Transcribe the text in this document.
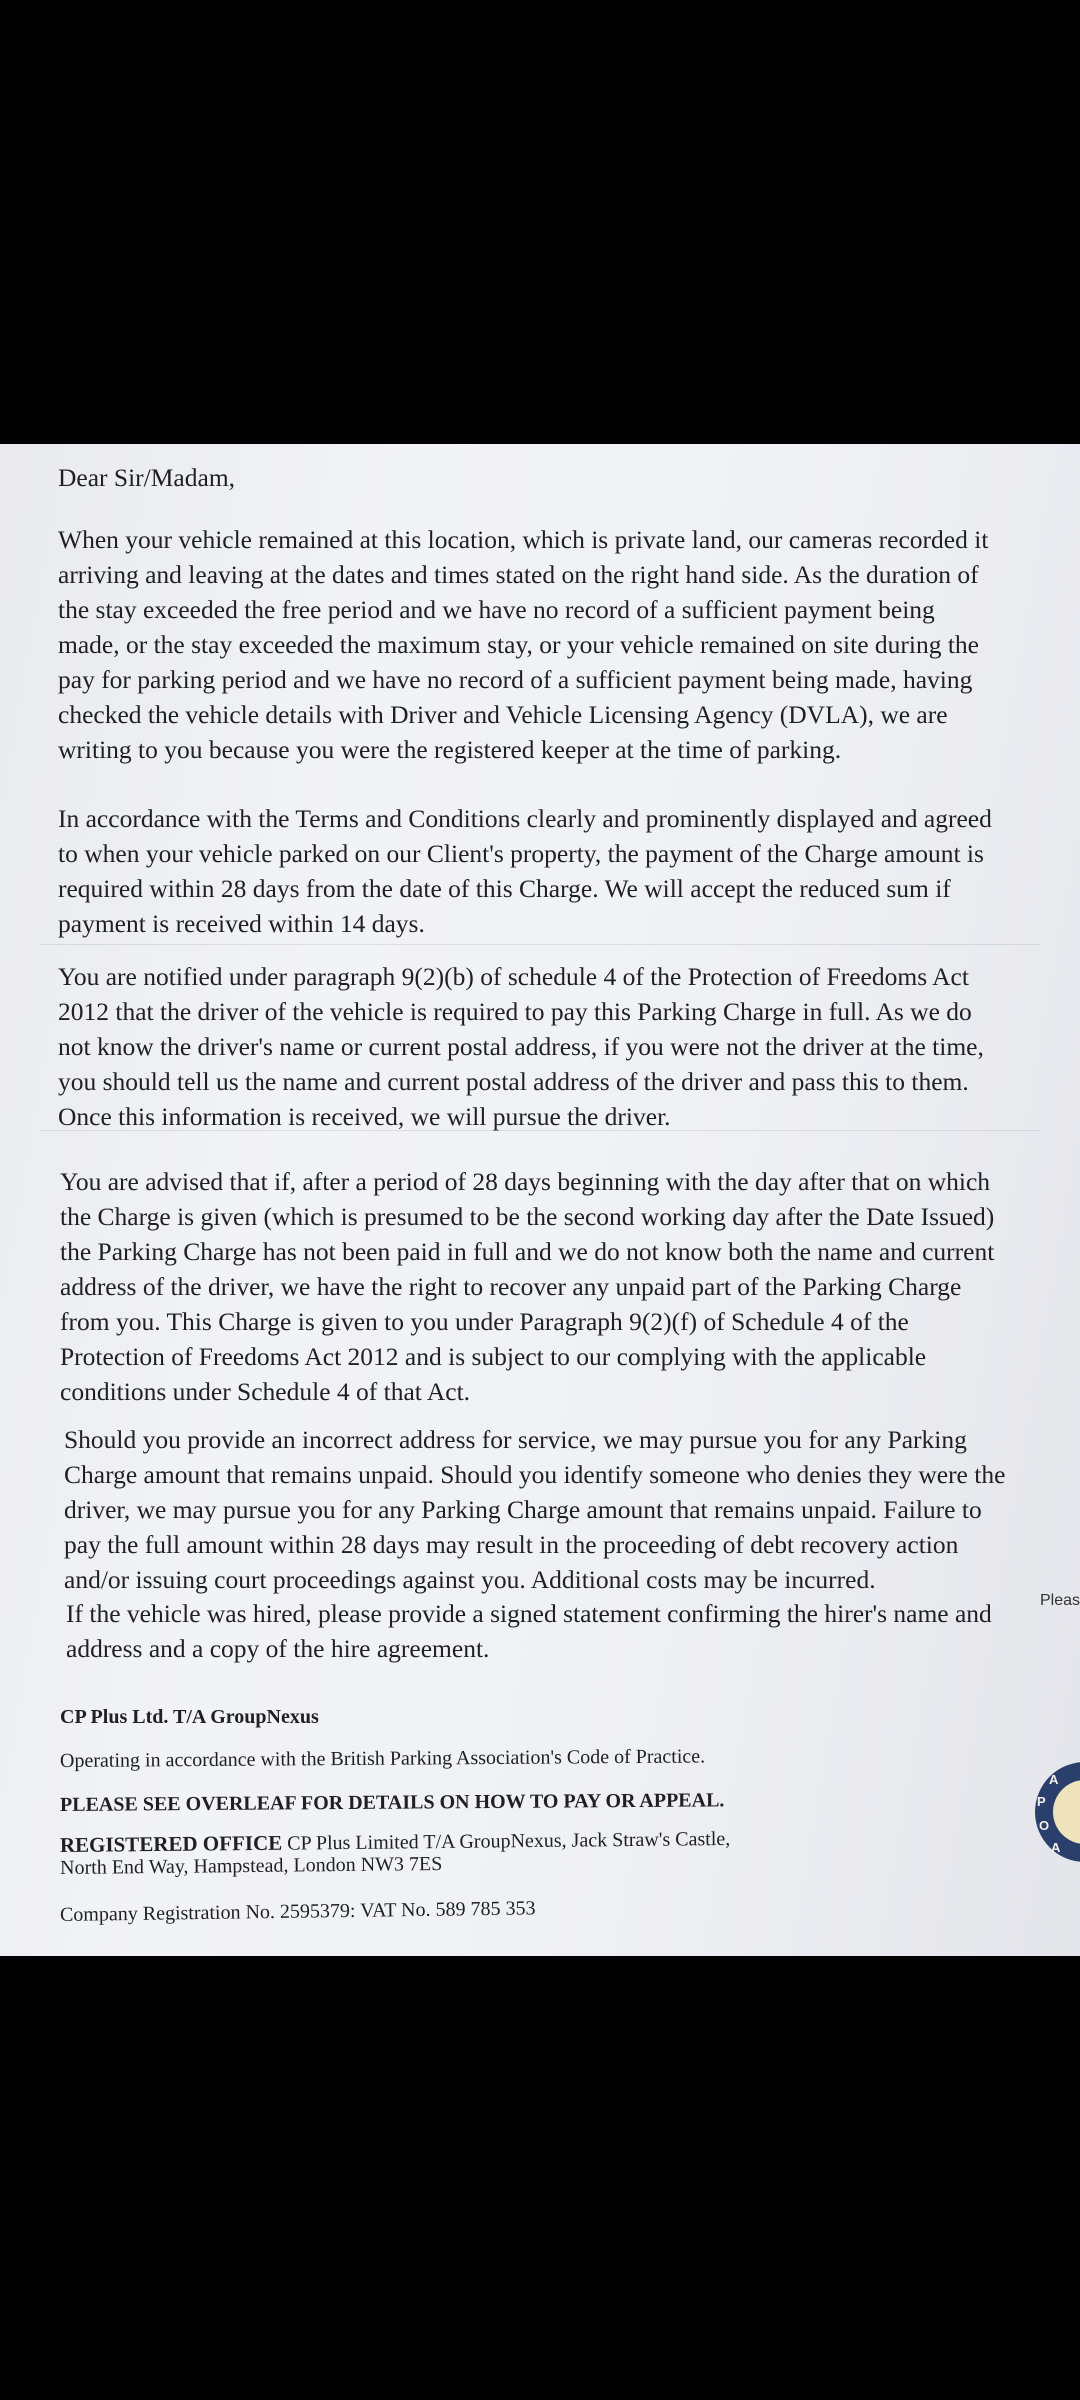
Dear Sir/Madam,

When your vehicle remained at this location, which is private land, our cameras recorded it
arriving and leaving at the dates and times stated on the right hand side. As the duration of
the stay exceeded the free period and we have no record of a sufficient payment being
made, or the stay exceeded the maximum stay, or your vehicle remained on site during the
pay for parking period and we have no record of a sufficient payment being made, having
checked the vehicle details with Driver and Vehicle Licensing Agency (DVLA), we are
writing to you because you were the registered keeper at the time of parking.

In accordance with the Terms and Conditions clearly and prominently displayed and agreed
to when your vehicle parked on our Client's property, the payment of the Charge amount is
required within 28 days from the date of this Charge. We will accept the reduced sum if
payment is received within 14 days.

You are notified under paragraph 9(2)(b) of schedule 4 of the Protection of Freedoms Act
2012 that the driver of the vehicle is required to pay this Parking Charge in full. As we do
not know the driver's name or current postal address, if you were not the driver at the time,
you should tell us the name and current postal address of the driver and pass this to them.
Once this information is received, we will pursue the driver.

You are advised that if, after a period of 28 days beginning with the day after that on which
the Charge is given (which is presumed to be the second working day after the Date Issued)
the Parking Charge has not been paid in full and we do not know both the name and current
address of the driver, we have the right to recover any unpaid part of the Parking Charge
from you. This Charge is given to you under Paragraph 9(2)(f) of Schedule 4 of the
Protection of Freedoms Act 2012 and is subject to our complying with the applicable
conditions under Schedule 4 of that Act.

Should you provide an incorrect address for service, we may pursue you for any Parking
Charge amount that remains unpaid. Should you identify someone who denies they were the
driver, we may pursue you for any Parking Charge amount that remains unpaid. Failure to
pay the full amount within 28 days may result in the proceeding of debt recovery action
and/or issuing court proceedings against you. Additional costs may be incurred.

If the vehicle was hired, please provide a signed statement confirming the hirer's name and
address and a copy of the hire agreement.

CP Plus Ltd. T/A GroupNexus
Operating in accordance with the British Parking Association's Code of Practice.
PLEASE SEE OVERLEAF FOR DETAILS ON HOW TO PAY OR APPEAL.
REGISTERED OFFICE CP Plus Limited T/A GroupNexus, Jack Straw's Castle,
North End Way, Hampstead, London NW3 7ES
Company Registration No. 2595379: VAT No. 589 785 353
Pleas
A
P
O
A
